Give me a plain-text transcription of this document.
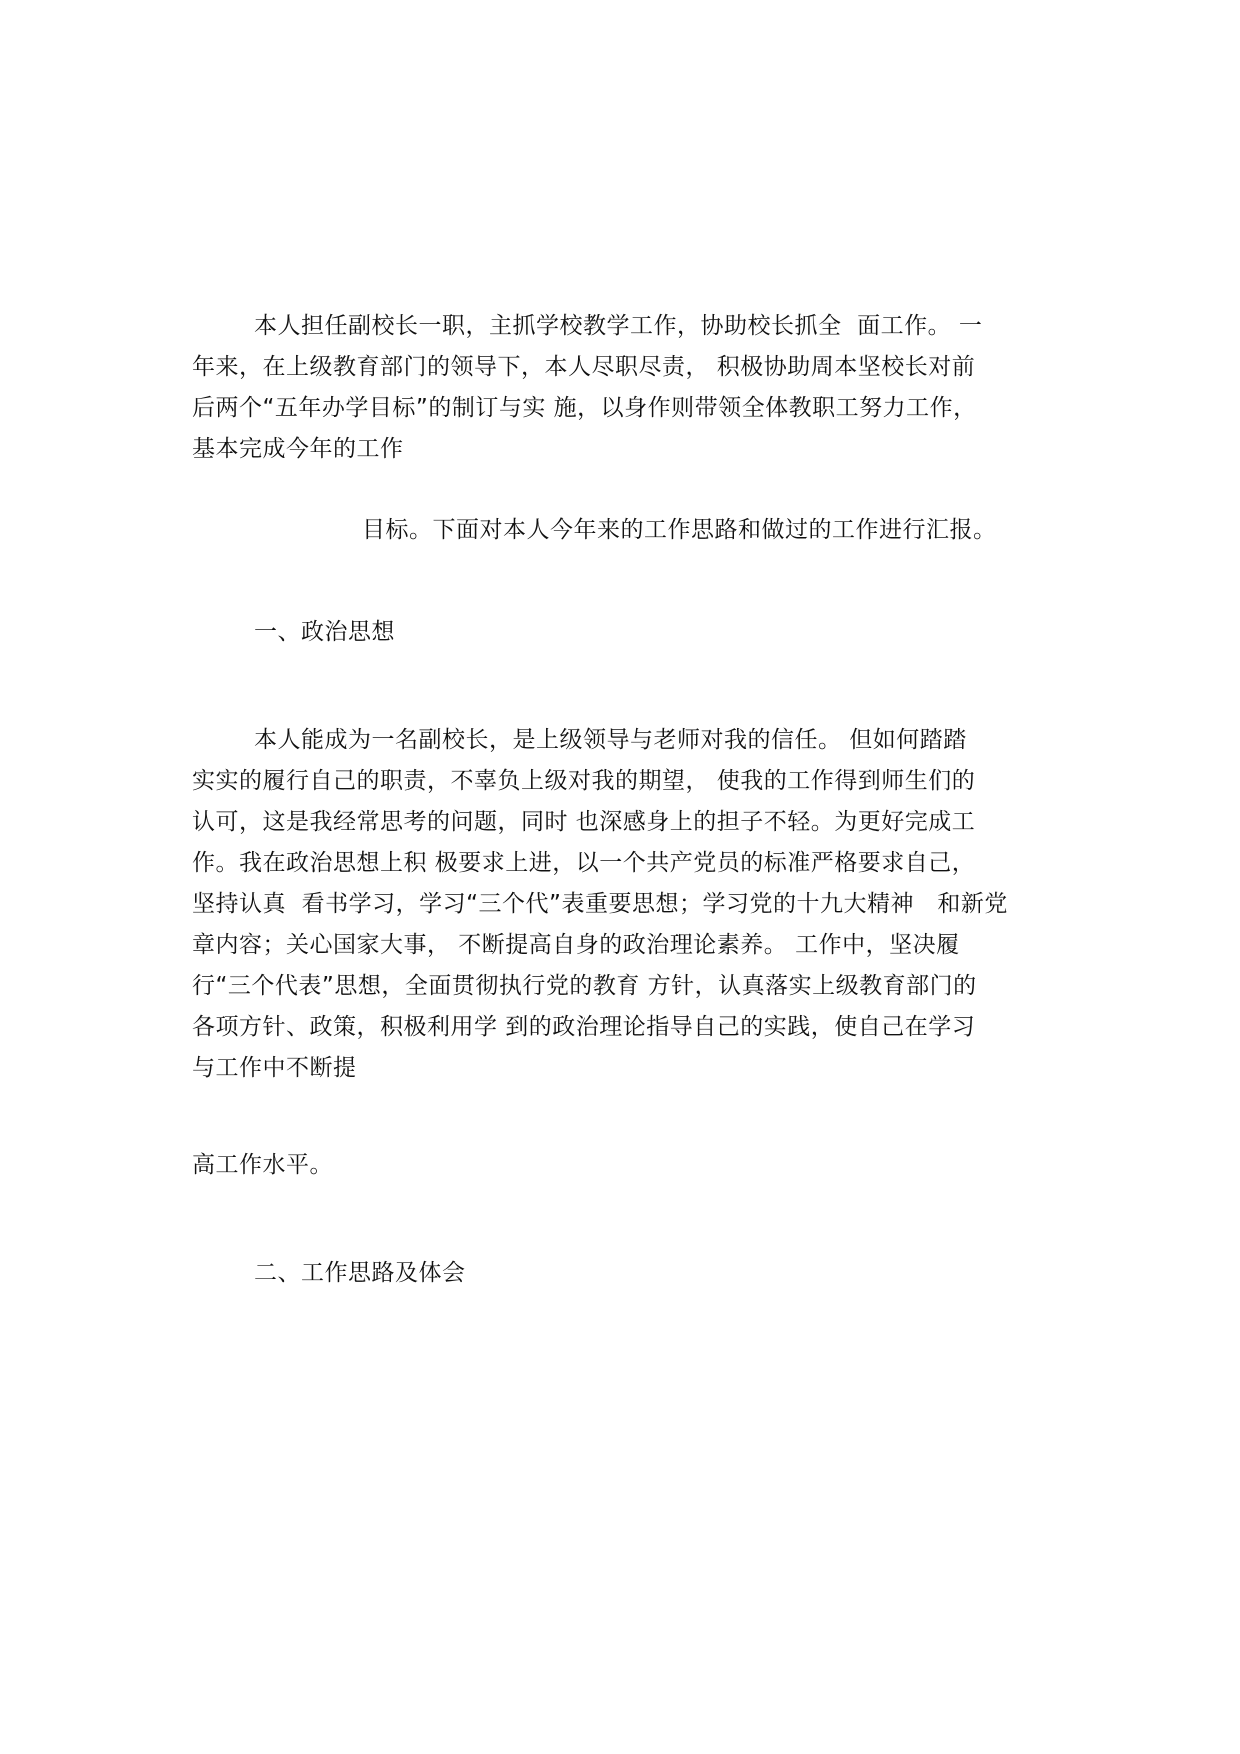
本人担任副校长一职，主抓学校教学工作，协助校长抓全  面工作。 一
年来，在上级教育部门的领导下，本人尽职尽责， 积极协助周本坚校长对前
后两个“五年办学目标”的制订与实 施，以身作则带领全体教职工努力工作，
基本完成今年的工作
目标。下面对本人今年来的工作思路和做过的工作进行汇报。
一、政治思想
本人能成为一名副校长，是上级领导与老师对我的信任。 但如何踏踏
实实的履行自己的职责，不辜负上级对我的期望， 使我的工作得到师生们的
认可，这是我经常思考的问题，同时 也深感身上的担子不轻。为更好完成工
作。我在政治思想上积 极要求上进，以一个共产党员的标准严格要求自己，
坚持认真  看书学习，学习“三个代”表重要思想；学习党的十九大精神   和新党
章内容；关心国家大事， 不断提高自身的政治理论素养。 工作中，坚决履
行“三个代表”思想，全面贯彻执行党的教育 方针，认真落实上级教育部门的
各项方针、政策，积极利用学 到的政治理论指导自己的实践，使自己在学习
与工作中不断提
高工作水平。
二、工作思路及体会
